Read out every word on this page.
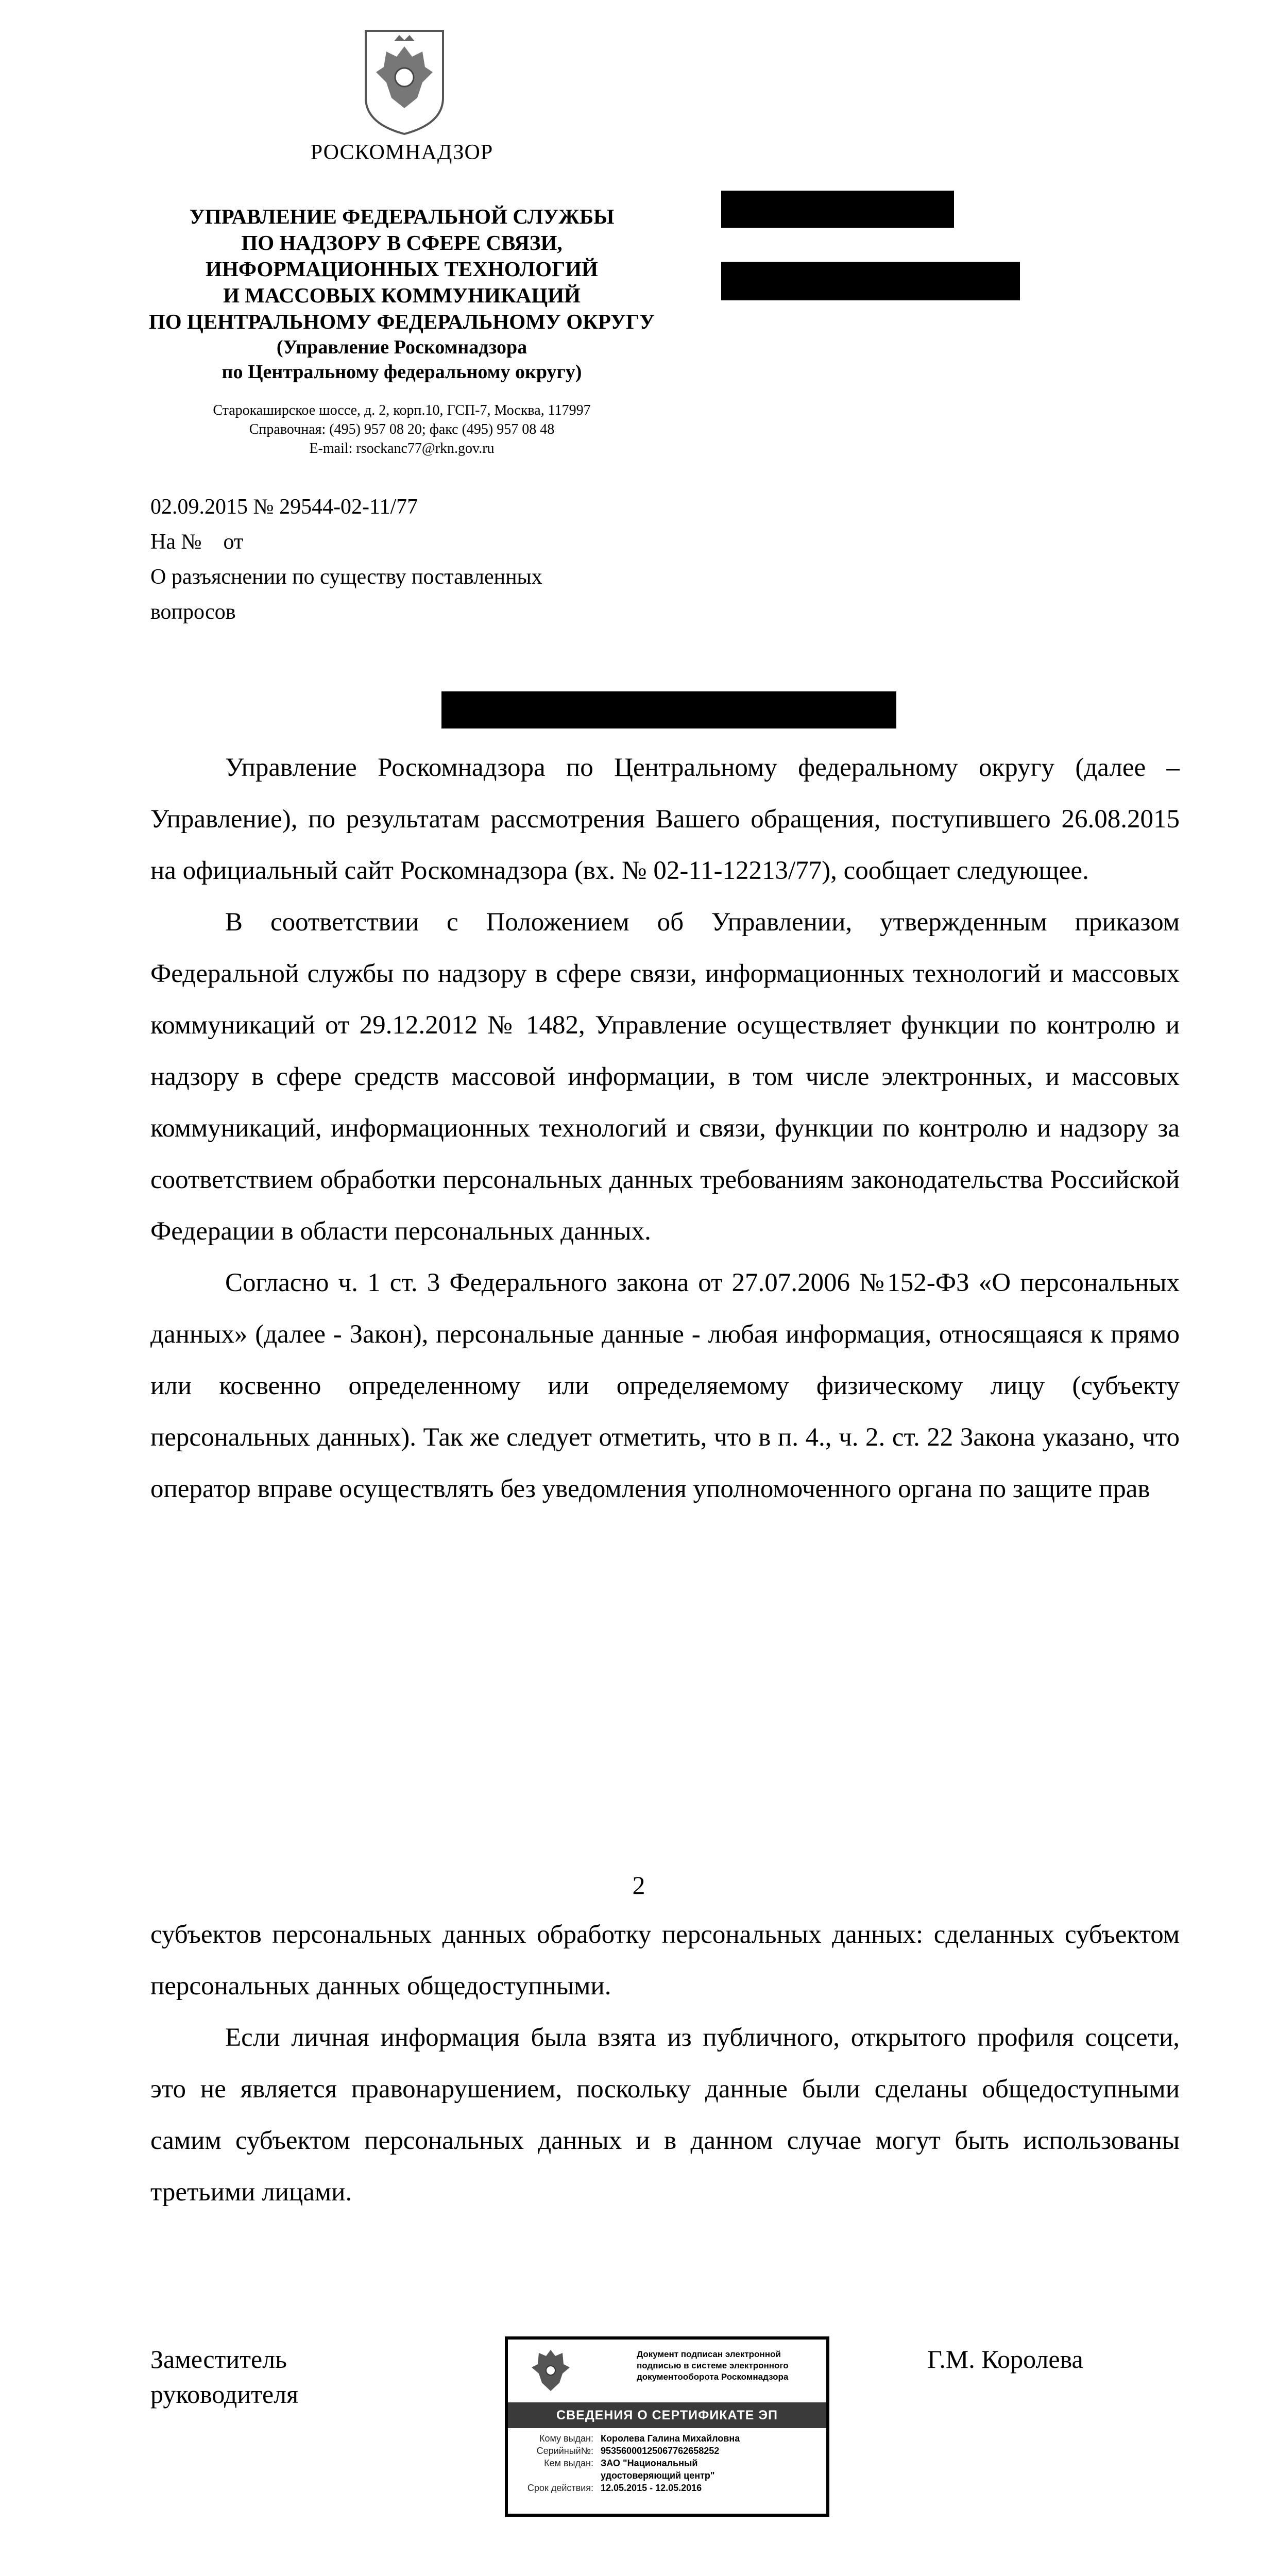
РОСКОМНАДЗОР
УПРАВЛЕНИЕ ФЕДЕРАЛЬНОЙ СЛУЖБЫ
ПО НАДЗОРУ В СФЕРЕ СВЯЗИ,
ИНФОРМАЦИОННЫХ ТЕХНОЛОГИЙ
И МАССОВЫХ КОММУНИКАЦИЙ
ПО ЦЕНТРАЛЬНОМУ ФЕДЕРАЛЬНОМУ ОКРУГУ
(Управление Роскомнадзора
по Центральному федеральному округу)
Старокаширское шоссе, д. 2, корп.10, ГСП-7, Москва, 117997
Справочная: (495) 957 08 20; факс (495) 957 08 48
E-mail: rsockanc77@rkn.gov.ru
02.09.2015 № 29544-02-11/77
На №    от
О разъяснении по существу поставленных
вопросов

Управление Роскомнадзора по Центральному федеральному округу (далее – Управление), по результатам рассмотрения Вашего обращения, поступившего 26.08.2015 на официальный сайт Роскомнадзора (вх. № 02-11-12213/77), сообщает следующее.

В соответствии с Положением об Управлении, утвержденным приказом Федеральной службы по надзору в сфере связи, информационных технологий и массовых коммуникаций от 29.12.2012 № 1482, Управление осуществляет функции по контролю и надзору в сфере средств массовой информации, в том числе электронных, и массовых коммуникаций, информационных технологий и связи, функции по контролю и надзору за соответствием обработки персональных данных требованиям законодательства Российской Федерации в области персональных данных.

Согласно ч. 1 ст. 3 Федерального закона от 27.07.2006 №152-ФЗ «О персональных данных» (далее - Закон), персональные данные - любая информация, относящаяся к прямо или косвенно определенному или определяемому физическому лицу (субъекту персональных данных). Так же следует отметить, что в п. 4., ч. 2. ст. 22 Закона указано, что оператор вправе осуществлять без уведомления уполномоченного органа по защите прав

2

субъектов персональных данных обработку персональных данных: сделанных субъектом персональных данных общедоступными.

Если личная информация была взята из публичного, открытого профиля соцсети, это не является правонарушением, поскольку данные были сделаны общедоступными самим субъектом персональных данных и в данном случае могут быть использованы третьими лицами.

Заместитель
руководителя
Документ подписан электронной подписью в системе электронного документооборота Роскомнадзора
СВЕДЕНИЯ О СЕРТИФИКАТЕ ЭП
Кому выдан: Королева Галина Михайловна
Серийный№: 95356000125067762658252
Кем выдан: ЗАО "Национальный
удостоверяющий центр"
Срок действия: 12.05.2015 - 12.05.2016
Г.М. Королева
